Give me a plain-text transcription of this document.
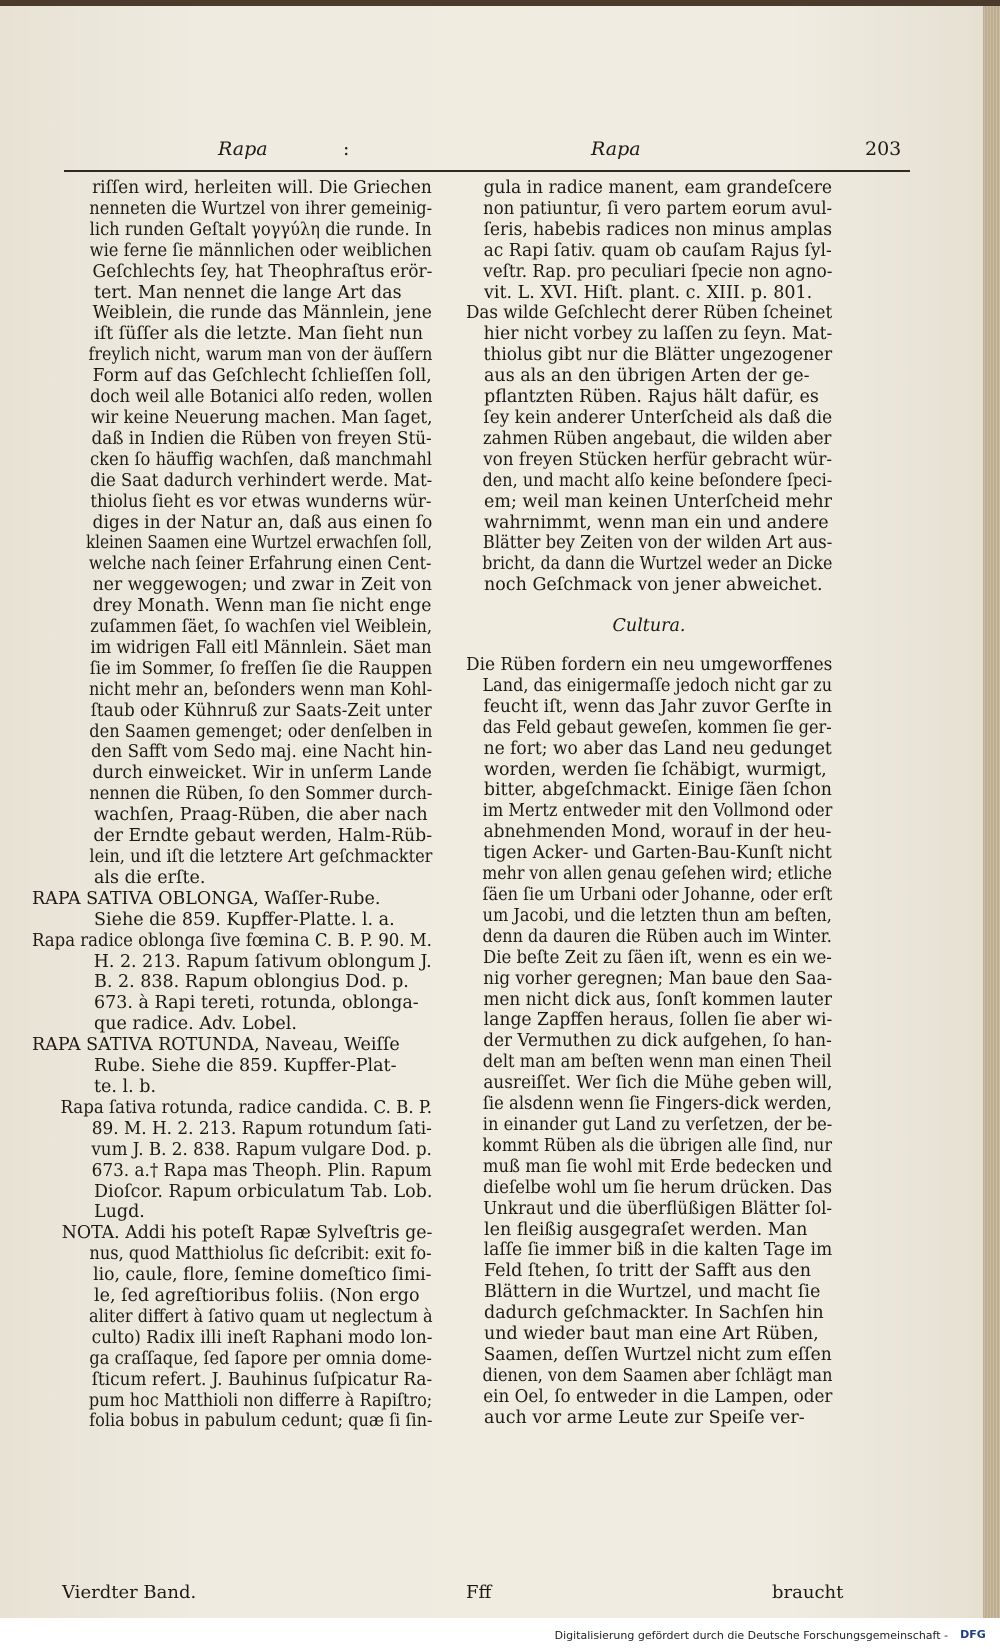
Rapa	:	Rapa	203
riſſen wird, herleiten will. Die Griechen
nenneten die Wurtzel von ihrer gemeinig-
lich runden Geſtalt γογγύλη die runde. In
wie ferne ſie männlichen oder weiblichen
Geſchlechts ſey, hat Theophraſtus erör-
tert. Man nennet die lange Art das
Weiblein, die runde das Männlein, jene
iſt ſüſſer als die letzte. Man ſieht nun
freylich nicht, warum man von der äuſſern
Form auf das Geſchlecht ſchlieſſen ſoll,
doch weil alle Botanici alſo reden, wollen
wir keine Neuerung machen. Man ſaget,
daß in Indien die Rüben von freyen Stü-
cken ſo häuffig wachſen, daß manchmahl
die Saat dadurch verhindert werde. Mat-
thiolus ſieht es vor etwas wunderns wür-
diges in der Natur an, daß aus einen ſo
kleinen Saamen eine Wurtzel erwachſen ſoll,
welche nach ſeiner Erfahrung einen Cent-
ner weggewogen; und zwar in Zeit von
drey Monath. Wenn man ſie nicht enge
zuſammen ſäet, ſo wachſen viel Weiblein,
im widrigen Fall eitl Männlein. Säet man
ſie im Sommer, ſo freſſen ſie die Rauppen
nicht mehr an, beſonders wenn man Kohl-
ſtaub oder Kühnruß zur Saats-Zeit unter
den Saamen gemenget; oder denſelben in
den Safft vom Sedo maj. eine Nacht hin-
durch einweicket. Wir in unſerm Lande
nennen die Rüben, ſo den Sommer durch-
wachſen, Praag-Rüben, die aber nach
der Erndte gebaut werden, Halm-Rüb-
lein, und iſt die letztere Art geſchmackter
als die erſte.
RAPA SATIVA OBLONGA, Waſſer-Rube.
Siehe die 859. Kupffer-Platte. l. a.
Rapa radice oblonga ſive fœmina C. B. P. 90. M.
H. 2. 213. Rapum ſativum oblongum J.
B. 2. 838. Rapum oblongius Dod. p.
673. à Rapi tereti, rotunda, oblonga-
que radice. Adv. Lobel.
RAPA SATIVA ROTUNDA, Naveau, Weiſſe
Rube. Siehe die 859. Kupffer-Plat-
te. l. b.
Rapa ſativa rotunda, radice candida. C. B. P.
89. M. H. 2. 213. Rapum rotundum ſati-
vum J. B. 2. 838. Rapum vulgare Dod. p.
673. a.† Rapa mas Theoph. Plin. Rapum
Dioſcor. Rapum orbiculatum Tab. Lob.
Lugd.
NOTA. Addi his poteſt Rapæ Sylveſtris ge-
nus, quod Matthiolus ſic deſcribit: exit fo-
lio, caule, flore, ſemine domeſtico ſimi-
le, ſed agreſtioribus foliis. (Non ergo
aliter differt à ſativo quam ut neglectum à
culto) Radix illi ineſt Raphani modo lon-
ga craſſaque, ſed ſapore per omnia dome-
ſticum refert. J. Bauhinus ſuſpicatur Ra-
pum hoc Matthioli non differre à Rapiſtro;
folia bobus in pabulum cedunt; quæ ſi ſin-
gula in radice manent, eam grandeſcere
non patiuntur, ſi vero partem eorum avul-
ſeris, habebis radices non minus amplas
ac Rapi ſativ. quam ob cauſam Rajus ſyl-
veſtr. Rap. pro peculiari ſpecie non agno-
vit. L. XVI. Hiſt. plant. c. XIII. p. 801.
Das wilde Geſchlecht derer Rüben ſcheinet
hier nicht vorbey zu laſſen zu ſeyn. Mat-
thiolus gibt nur die Blätter ungezogener
aus als an den übrigen Arten der ge-
pflantzten Rüben. Rajus hält dafür, es
ſey kein anderer Unterſcheid als daß die
zahmen Rüben angebaut, die wilden aber
von freyen Stücken herfür gebracht wür-
den, und macht alſo keine beſondere ſpeci-
em; weil man keinen Unterſcheid mehr
wahrnimmt, wenn man ein und andere
Blätter bey Zeiten von der wilden Art aus-
bricht, da dann die Wurtzel weder an Dicke
noch Geſchmack von jener abweichet.
Cultura.
Die Rüben fordern ein neu umgeworffenes
Land, das einigermaſſe jedoch nicht gar zu
feucht iſt, wenn das Jahr zuvor Gerſte in
das Feld gebaut geweſen, kommen ſie ger-
ne fort; wo aber das Land neu gedunget
worden, werden ſie ſchäbigt, wurmigt,
bitter, abgeſchmackt. Einige ſäen ſchon
im Mertz entweder mit den Vollmond oder
abnehmenden Mond, worauf in der heu-
tigen Acker- und Garten-Bau-Kunſt nicht
mehr von allen genau geſehen wird; etliche
ſäen ſie um Urbani oder Johanne, oder erſt
um Jacobi, und die letzten thun am beſten,
denn da dauren die Rüben auch im Winter.
Die beſte Zeit zu ſäen iſt, wenn es ein we-
nig vorher geregnen; Man baue den Saa-
men nicht dick aus, ſonſt kommen lauter
lange Zapffen heraus, ſollen ſie aber wi-
der Vermuthen zu dick aufgehen, ſo han-
delt man am beſten wenn man einen Theil
ausreiſſet. Wer ſich die Mühe geben will,
ſie alsdenn wenn ſie Fingers-dick werden,
in einander gut Land zu verſetzen, der be-
kommt Rüben als die übrigen alle ſind, nur
muß man ſie wohl mit Erde bedecken und
dieſelbe wohl um ſie herum drücken. Das
Unkraut und die überflüßigen Blätter ſol-
len fleißig ausgegraſet werden. Man
laſſe ſie immer biß in die kalten Tage im
Feld ſtehen, ſo tritt der Safft aus den
Blättern in die Wurtzel, und macht ſie
dadurch geſchmackter. In Sachſen hin
und wieder baut man eine Art Rüben,
Saamen, deſſen Wurtzel nicht zum eſſen
dienen, von dem Saamen aber ſchlägt man
ein Oel, ſo entweder in die Lampen, oder
auch vor arme Leute zur Speiſe ver-
Vierdter Band.	Fff	braucht
Digitalisierung gefördert durch die Deutsche Forschungsgemeinschaft -	DFG
